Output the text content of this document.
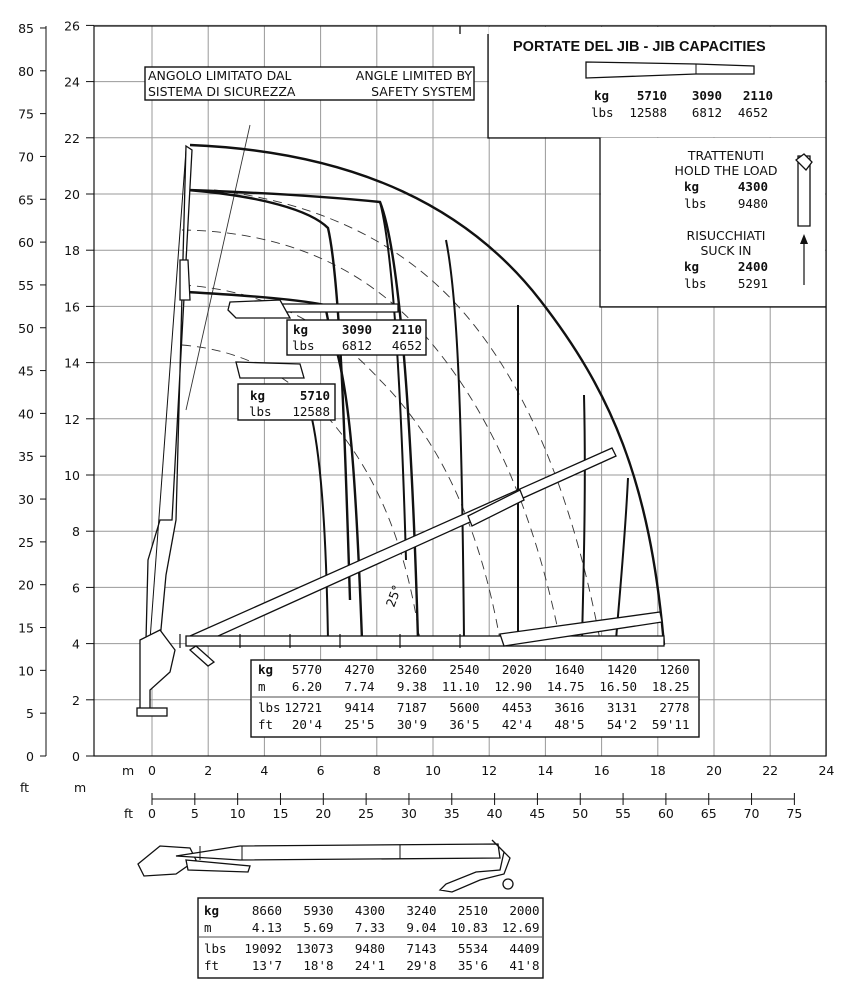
26
24
22
20
18
16
14
12
10
8
6
4
2
0
85
80
75
70
65
60
55
50
45
40
35
30
25
20
15
10
5
0
m 0	2	4	6	8	10	12	14	16	18	20	22	24
ft	m
ft 0	5 10 15 20 25 30 35 40 45 50 55 60 65 70 75
25°
ANGOLO LIMITATO DAL
SISTEMA DI SICUREZZA
ANGLE LIMITED BY
SAFETY SYSTEM
PORTATE DEL JIB - JIB CAPACITIES
kg 5710 3090 2110
lbs 12588 6812 4652
TRATTENUTI
HOLD THE LOAD
kg	4300
lbs	9480
RISUCCHIATI
SUCK IN
kg	2400
lbs	5291
kg	3090 2110
lbs 6812 4652
kg	5710
lbs 12588
kg 5770 4270 3260 2540 2020 1640 1420 1260
m 6.20 7.74 9.38 11.10 12.90 14.75 16.50 18.25
lbs 12721 9414 7187 5600 4453 3616 3131 2778
ft 20'4 25'5 30'9 36'5 42'4 48'5 54'2 59'11
kg	8660 5930 4300 3240 2510 2000
m	4.13 5.69 7.33 9.04 10.83 12.69
lbs 19092 13073 9480 7143 5534 4409
ft	13'7 18'8 24'1 29'8 35'6 41'8
